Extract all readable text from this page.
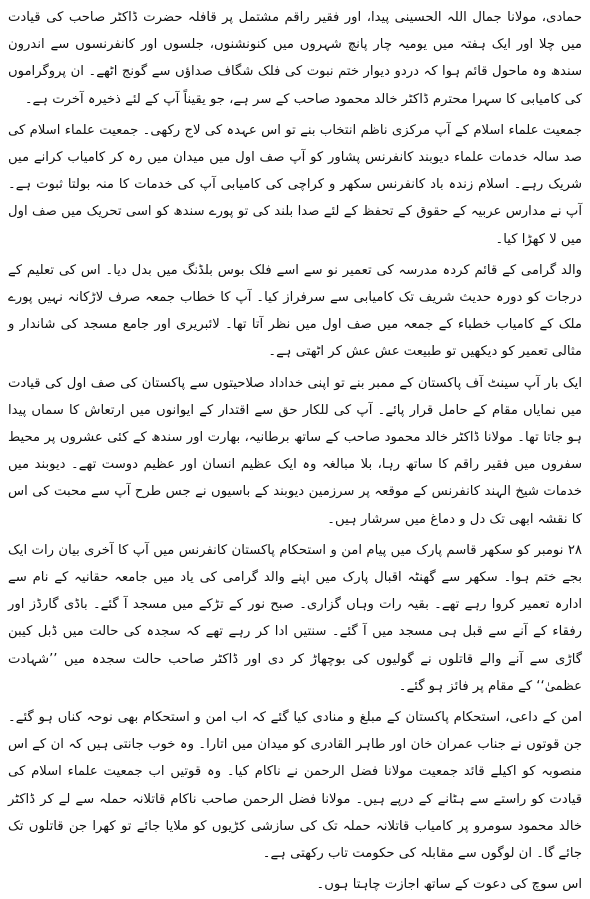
حمادی، مولانا جمال اللہ الحسینی پیدا، اور فقیر راقم مشتمل پر قافلہ حضرت ڈاکٹر صاحب کی قیادت میں چلا اور ایک ہفتہ میں یومیہ چار پانچ شہروں میں کنونشنوں، جلسوں اور کانفرنسوں سے اندرون سندھ وہ ماحول قائم ہوا کہ دردو دیوار ختم نبوت کی فلک شگاف صداؤں سے گونج اٹھے۔ ان پروگراموں کی کامیابی کا سہرا محترم ڈاکٹر خالد محمود صاحب کے سر ہے، جو یقیناً آپ کے لئے ذخیرہ آخرت ہے۔

جمعیت علماء اسلام کے آپ مرکزی ناظم انتخاب بنے تو اس عہدہ کی لاج رکھی۔ جمعیت علماء اسلام کی صد سالہ خدمات علماء دیوبند کانفرنس پشاور کو آپ صف اول میں میدان میں رہ کر کامیاب کرانے میں شریک رہے۔ اسلام زندہ باد کانفرنس سکھر و کراچی کی کامیابی آپ کی خدمات کا منہ بولتا ثبوت ہے۔ آپ نے مدارس عربیہ کے حقوق کے تحفظ کے لئے صدا بلند کی تو پورے سندھ کو اسی تحریک میں صف اول میں لا کھڑا کیا۔

والد گرامی کے قائم کردہ مدرسہ کی تعمیر نو سے اسے فلک بوس بلڈنگ میں بدل دیا۔ اس کی تعلیم کے درجات کو دورہ حدیث شریف تک کامیابی سے سرفراز کیا۔ آپ کا خطاب جمعہ صرف لاڑکانہ نہیں پورے ملک کے کامیاب خطباء کے جمعہ میں صف اول میں نظر آتا تھا۔ لائبریری اور جامع مسجد کی شاندار و مثالی تعمیر کو دیکھیں تو طبیعت عش عش کر اٹھتی ہے۔

ایک بار آپ سینٹ آف پاکستان کے ممبر بنے تو اپنی خداداد صلاحیتوں سے پاکستان کی صف اول کی قیادت میں نمایاں مقام کے حامل قرار پائے۔ آپ کی للکار حق سے اقتدار کے ایوانوں میں ارتعاش کا سماں پیدا ہو جاتا تھا۔ مولانا ڈاکٹر خالد محمود صاحب کے ساتھ برطانیہ، بھارت اور سندھ کے کئی عشروں پر محیط سفروں میں فقیر راقم کا ساتھ رہا، بلا مبالغہ وہ ایک عظیم انسان اور عظیم دوست تھے۔ دیوبند میں خدمات شیخ الہند کانفرنس کے موقعہ پر سرزمین دیوبند کے باسیوں نے جس طرح آپ سے محبت کی اس کا نقشہ ابھی تک دل و دماغ میں سرشار ہیں۔

۲۸ نومبر کو سکھر قاسم پارک میں پیام امن و استحکام پاکستان کانفرنس میں آپ کا آخری بیان رات ایک بجے ختم ہوا۔ سکھر سے گھنٹہ اقبال پارک میں اپنے والد گرامی کی یاد میں جامعہ حقانیہ کے نام سے ادارہ تعمیر کروا رہے تھے۔ بقیہ رات وہاں گزاری۔ صبح نور کے تڑکے میں مسجد آ گئے۔ باڈی گارڈز اور رفقاء کے آنے سے قبل ہی مسجد میں آ گئے۔ سنتیں ادا کر رہے تھے کہ سجدہ کی حالت میں ڈبل کیبن گاڑی سے آنے والے قاتلوں نے گولیوں کی بوچھاڑ کر دی اور ڈاکٹر صاحب حالت سجدہ میں ’’شہادت عظمیٰ‘‘ کے مقام پر فائز ہو گئے۔

امن کے داعی، استحکام پاکستان کے مبلغ و منادی کیا گئے کہ اب امن و استحکام بھی نوحہ کناں ہو گئے۔ جن قوتوں نے جناب عمران خان اور طاہر القادری کو میدان میں اتارا۔ وہ خوب جانتی ہیں کہ ان کے اس منصوبہ کو اکیلے قائد جمعیت مولانا فضل الرحمن نے ناکام کیا۔ وہ قوتیں اب جمعیت علماء اسلام کی قیادت کو راستے سے ہٹانے کے درپے ہیں۔ مولانا فضل الرحمن صاحب ناکام قاتلانہ حملہ سے لے کر ڈاکٹر خالد محمود سومرو پر کامیاب قاتلانہ حملہ تک کی سازشی کڑیوں کو ملایا جائے تو کھرا جن قاتلوں تک جائے گا۔ ان لوگوں سے مقابلہ کی حکومت تاب رکھتی ہے۔

اس سوچ کی دعوت کے ساتھ اجازت چاہتا ہوں۔
